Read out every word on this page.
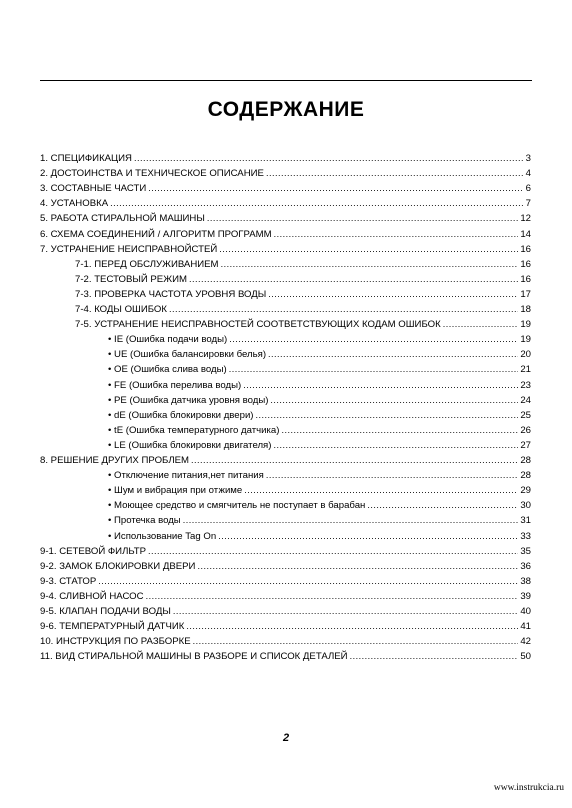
СОДЕРЖАНИЕ
1. СПЕЦИФИКАЦИЯ .....	3
2. ДОСТОИНСТВА И ТЕХНИЧЕСКОЕ ОПИСАНИЕ .....	4
3. СОСТАВНЫЕ ЧАСТИ .....	6
4. УСТАНОВКА .....	7
5. РАБОТА СТИРАЛЬНОЙ МАШИНЫ .....	12
6. СХЕМА СОЕДИНЕНИЙ / АЛГОРИТМ ПРОГРАММ .....	14
7. УСТРАНЕНИЕ НЕИСПРАВНОЙСТЕЙ .....	16
7-1. ПЕРЕД ОБСЛУЖИВАНИЕМ .....	16
7-2. ТЕСТОВЫЙ РЕЖИМ .....	16
7-3. ПРОВЕРКА ЧАСТОТА УРОВНЯ ВОДЫ .....	17
7-4. КОДЫ ОШИБОК .....	18
7-5. УСТРАНЕНИЕ НЕИСПРАВНОСТЕЙ СООТВЕТСТВУЮЩИХ КОДАМ ОШИБОК .....	19
• IE (Ошибка подачи воды) .....	19
• UE (Ошибка балансировки белья) .....	20
• OE (Ошибка слива воды) .....	21
• FE (Ошибка перелива воды) .....	23
• PE (Ошибка датчика уровня воды) .....	24
• dE (Ошибка блокировки двери) .....	25
• tE (Ошибка температурного датчика) .....	26
• LE (Ошибка блокировки двигателя) .....	27
8. РЕШЕНИЕ ДРУГИХ ПРОБЛЕМ .....	28
• Отключение питания,нет питания .....	28
• Шум и вибрация при отжиме .....	29
• Моющее средство и смягчитель не поступает в барабан .....	30
• Протечка воды .....	31
• Использование Tag On .....	33
9-1. СЕТЕВОЙ ФИЛЬТР .....	35
9-2. ЗАМОК БЛОКИРОВКИ ДВЕРИ .....	36
9-3. СТАТОР .....	38
9-4. СЛИВНОЙ НАСОС .....	39
9-5. КЛАПАН ПОДАЧИ ВОДЫ .....	40
9-6. ТЕМПЕРАТУРНЫЙ ДАТЧИК .....	41
10. ИНСТРУКЦИЯ ПО РАЗБОРКЕ .....	42
11. ВИД СТИРАЛЬНОЙ МАШИНЫ В РАЗБОРЕ И СПИСОК ДЕТАЛЕЙ .....	50
2
www.instrukcia.ru
